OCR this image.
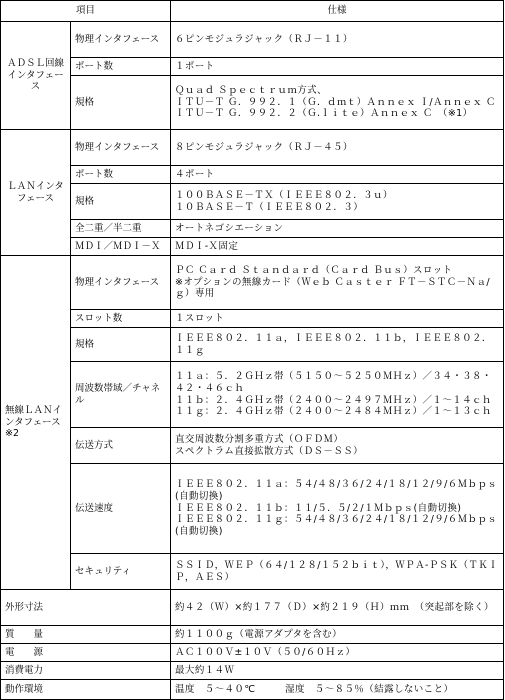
項目		仕様
ＡＤＳＬ回線インタフェース	物理インタフェース	６ピンモジュラジャック（ＲＪ－１１）
	ポート数	１ポート
	規格	Ｑｕａｄ Ｓｐｅｃｔｒｕｍ方式、
ＩＴＵ－Ｔ Ｇ．９９２．１（Ｇ．ｄｍｔ）Ａｎｎｅｘ Ｉ/Ａｎｎｅｘ Ｃ
ＩＴＵ－Ｔ Ｇ．９９２．２（Ｇ.ｌｉｔｅ）Ａｎｎｅｘ Ｃ　（※1）

ＬＡＮインタフェース	物理インタフェース	８ピンモジュラジャック（ＲＪ－４５）
	ポート数	４ポート
	規格	１００ＢＡＳＥ－ＴＸ（ＩＥＥＥ８０２．３ｕ）
１０ＢＡＳＥ－Ｔ（ＩＥＥＥ８０２．３）

	全二重／半二重	オートネゴシエーション
	ＭＤＩ／ＭＤＩ－Ｘ	ＭＤＩ-Ｘ固定
無線ＬＡＮインタフェース※2	物理インタフェース	ＰＣ Ｃａｒｄ Ｓｔａｎｄａｒｄ（Ｃａｒｄ Ｂｕｓ）スロット
※オプションの無線カード（Ｗｅｂ Ｃａｓｔｅｒ ＦＴ－ＳＴＣ－Ｎａ/ｇ）専用

	スロット数	１スロット
	規格	ＩＥＥＥ８０２．１１ａ，ＩＥＥＥ８０２．１１ｂ，ＩＥＥＥ８０２．１１ｇ
	周波数帯域／チャネル	１１ａ：５．２ＧＨｚ帯（５１５０～５２５０ＭＨｚ）／３４・３８・４２・４６ｃｈ
１１ｂ：２．４ＧＨｚ帯（２４００～２４９７ＭＨｚ）／１～１４ｃｈ
１１ｇ：２．４ＧＨｚ帯（２４００～２４８４ＭＨｚ）／１～１３ｃｈ

	伝送方式	直交周波数分割多重方式（ＯＦＤＭ）
スペクトラム直接拡散方式（ＤＳ－ＳＳ）

	伝送速度	ＩＥＥＥ８０２．１１ａ：５４/４８/３６/２４/１８/１２/９/６Ｍｂｐｓ(自動切換)
ＩＥＥＥ８０２．１１ｂ：１１/５．５/２/１Ｍｂｐｓ(自動切換)
ＩＥＥＥ８０２．１１ｇ：５４/４８/３６/２４/１８/１２/９/６Ｍｂｐｓ(自動切換)

	セキュリティ	ＳＳＩＤ，ＷＥＰ（６４/１２８/１５２ｂｉｔ），ＷＰＡ-ＰＳＫ（ＴＫＩＰ，ＡＥＳ）
外形寸法		約４２（Ｗ）×約１７７（Ｄ）×約２１９（Ｈ）ｍｍ　（突起部を除く）
質　　量		約１１００ｇ（電源アダプタを含む）
電　　源		ＡＣ１００Ｖ±１０Ｖ（５０/６０Ｈｚ）
消費電力		最大約１４Ｗ
動作環境		温度　５～４０℃　　　湿度　５～８５％（結露しないこと）
